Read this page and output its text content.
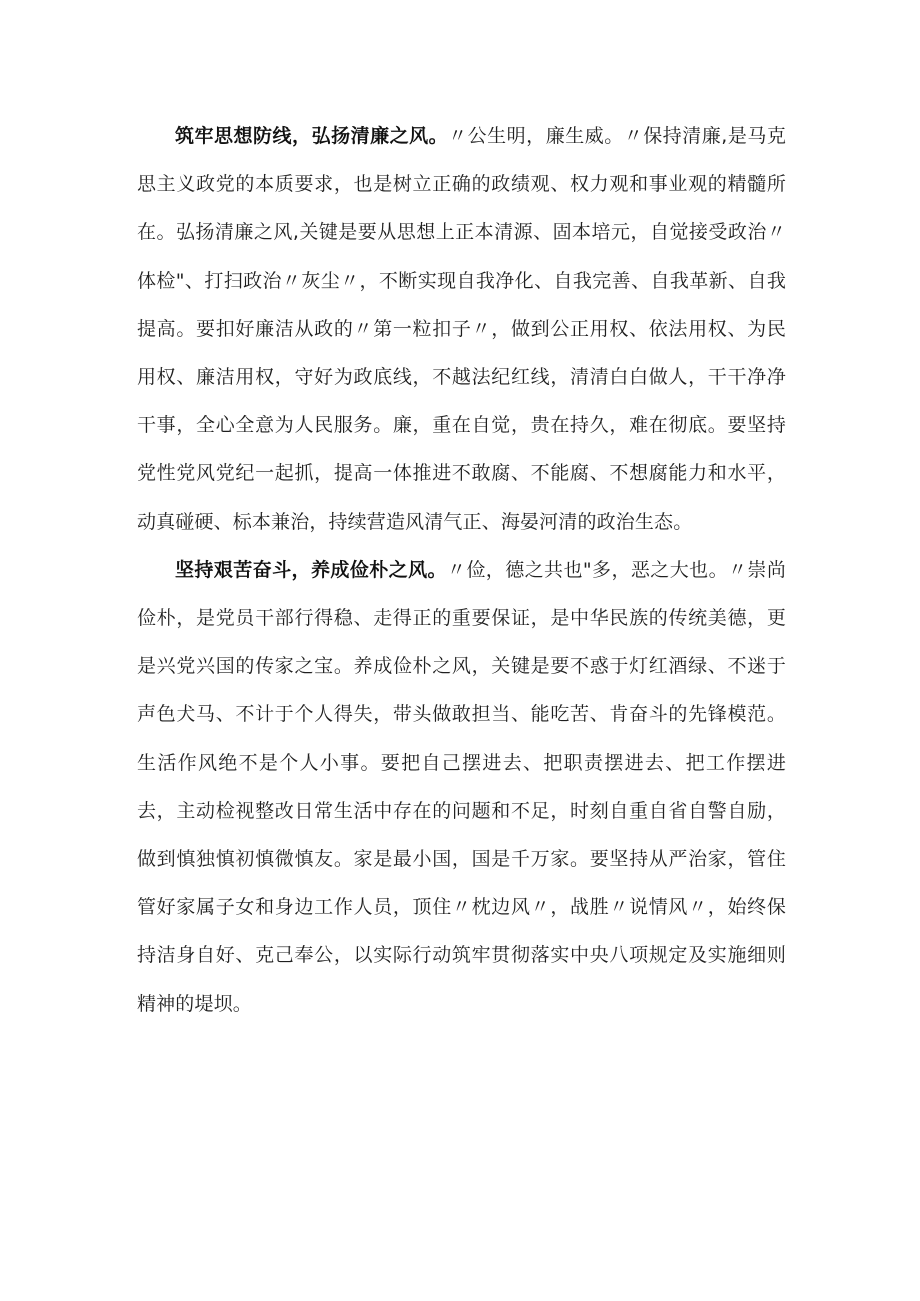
筑牢思想防线，弘扬清廉之风。〃公生明，廉生威。〃保持清廉,是马克思主义政党的本质要求，也是树立正确的政绩观、权力观和事业观的精髓所在。弘扬清廉之风,关键是要从思想上正本清源、固本培元，自觉接受政治〃体检"、打扫政治〃灰尘〃，不断实现自我净化、自我完善、自我革新、自我提高。要扣好廉洁从政的〃第一粒扣子〃，做到公正用权、依法用权、为民用权、廉洁用权，守好为政底线，不越法纪红线，清清白白做人，干干净净干事，全心全意为人民服务。廉，重在自觉，贵在持久，难在彻底。要坚持党性党风党纪一起抓，提高一体推进不敢腐、不能腐、不想腐能力和水平，动真碰硬、标本兼治，持续营造风清气正、海晏河清的政治生态。

坚持艰苦奋斗，养成俭朴之风。〃俭，德之共也"多，恶之大也。〃崇尚俭朴，是党员干部行得稳、走得正的重要保证，是中华民族的传统美德，更是兴党兴国的传家之宝。养成俭朴之风，关键是要不惑于灯红酒绿、不迷于声色犬马、不计于个人得失，带头做敢担当、能吃苦、肯奋斗的先锋模范。生活作风绝不是个人小事。要把自己摆进去、把职责摆进去、把工作摆进去，主动检视整改日常生活中存在的问题和不足，时刻自重自省自警自励，做到慎独慎初慎微慎友。家是最小国，国是千万家。要坚持从严治家，管住管好家属子女和身边工作人员，顶住〃枕边风〃，战胜〃说情风〃，始终保持洁身自好、克己奉公，以实际行动筑牢贯彻落实中央八项规定及实施细则精神的堤坝。
